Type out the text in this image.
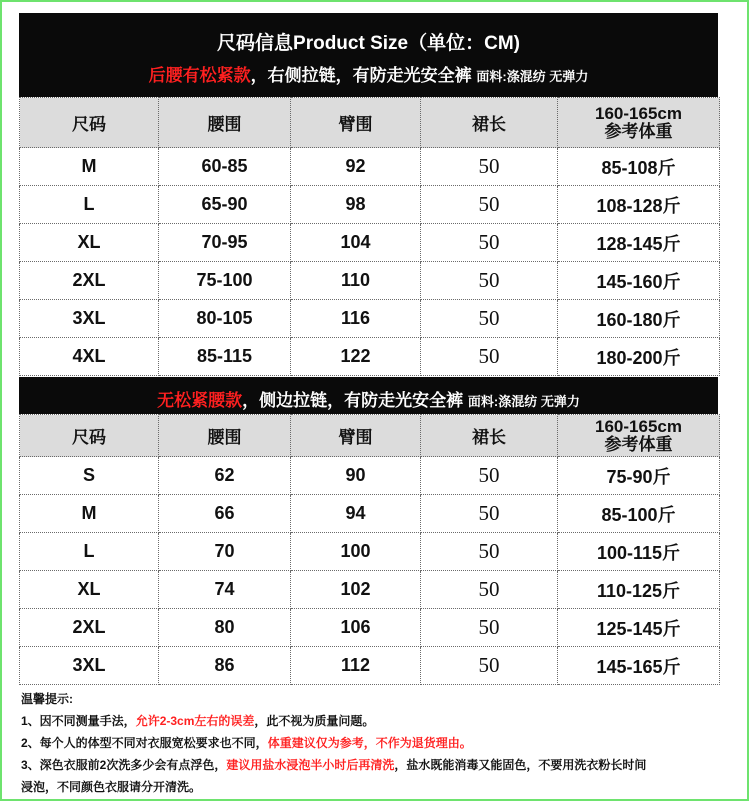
尺码信息Product Size（单位：CM)
后腰有松紧款，右侧拉链，有防走光安全裤 面料:涤混纺 无弹力
尺码	腰围	臂围	裙长	160-165cm
参考体重

M	60-85	92	50	85-108斤
L	65-90	98	50	108-128斤
XL	70-95	104	50	128-145斤
2XL	75-100	110	50	145-160斤
3XL	80-105	116	50	160-180斤
4XL	85-115	122	50	180-200斤
无松紧腰款，侧边拉链，有防走光安全裤 面料:涤混纺 无弹力
尺码	腰围	臂围	裙长	160-165cm
参考体重

S	62	90	50	75-90斤
M	66	94	50	85-100斤
L	70	100	50	100-115斤
XL	74	102	50	110-125斤
2XL	80	106	50	125-145斤
3XL	86	112	50	145-165斤
温馨提示:
1、因不同测量手法，允许2-3cm左右的误差，此不视为质量问题。
2、每个人的体型不同对衣服宽松要求也不同，体重建议仅为参考，不作为退货理由。
3、深色衣服前2次洗多少会有点浮色，建议用盐水浸泡半小时后再清洗，盐水既能消毒又能固色，不要用洗衣粉长时间
浸泡，不同颜色衣服请分开清洗。
